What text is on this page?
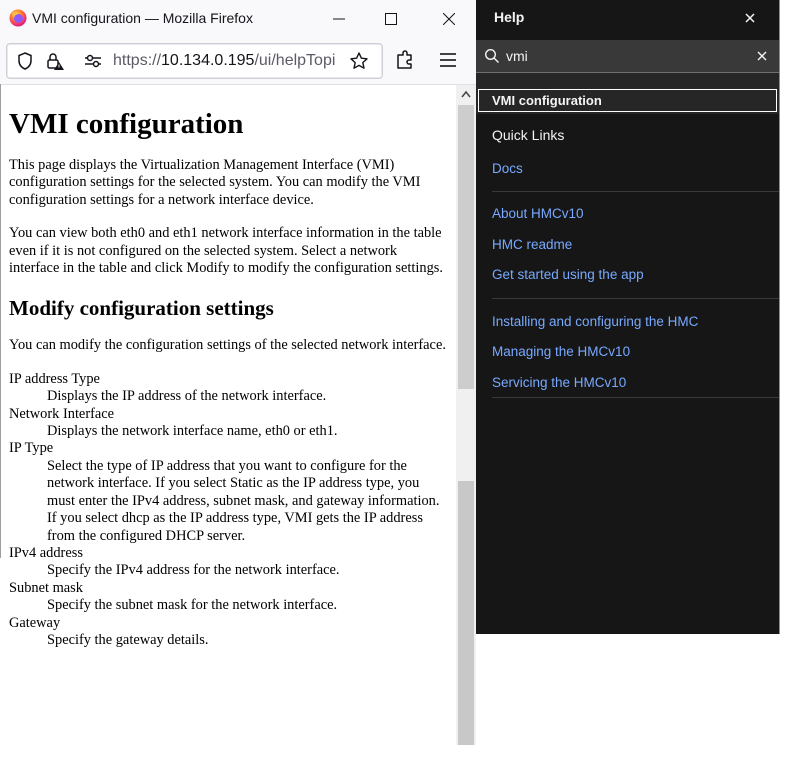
VMI configuration — Mozilla Firefox
https://10.134.0.195/ui/helpTopi
VMI configuration

This page displays the Virtualization Management Interface (VMI) configuration settings for the selected system. You can modify the VMI configuration settings for a network interface device.

You can view both eth0 and eth1 network interface information in the table even if it is not configured on the selected system. Select a network interface in the table and click Modify to modify the configuration settings.

Modify configuration settings

You can modify the configuration settings of the selected network interface.

IP address Type
Displays the IP address of the network interface.
Network Interface
Displays the network interface name, eth0 or eth1.
IP Type
Select the type of IP address that you want to configure for the network interface. If you select Static as the IP address type, you must enter the IPv4 address, subnet mask, and gateway information. If you select dhcp as the IP address type, VMI gets the IP address from the configured DHCP server.
IPv4 address
Specify the IPv4 address for the network interface.
Subnet mask
Specify the subnet mask for the network interface.
Gateway
Specify the gateway details.
Help
vmi
VMI configuration
Quick Links
Docs
About HMCv10
HMC readme
Get started using the app
Installing and configuring the HMC
Managing the HMCv10
Servicing the HMCv10
